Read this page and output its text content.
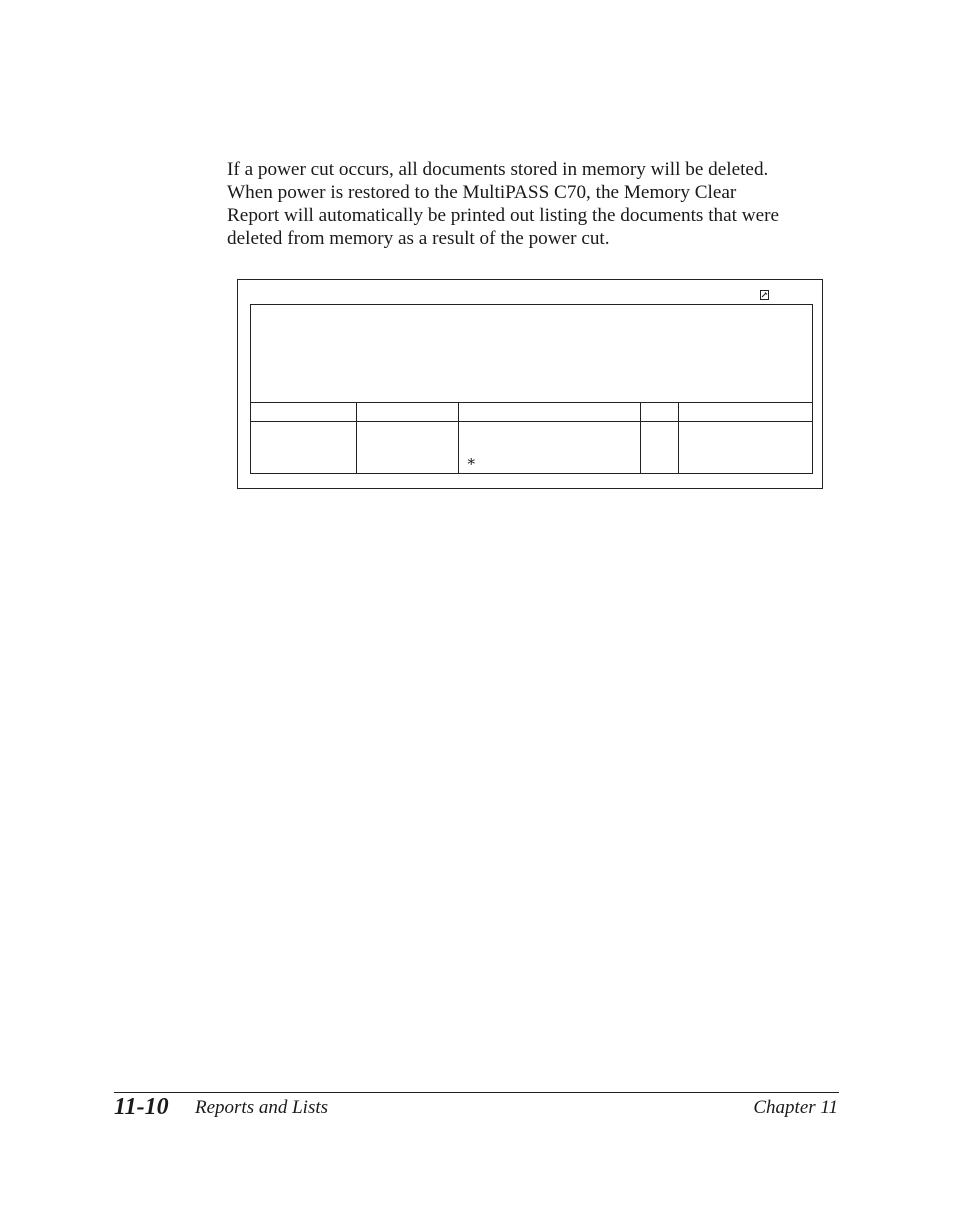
If a power cut occurs, all documents stored in memory will be deleted.
When power is restored to the MultiPASS C70, the Memory Clear
Report will automatically be printed out listing the documents that were
deleted from memory as a result of the power cut.

		*		

11-10 Reports and Lists	Chapter 11
